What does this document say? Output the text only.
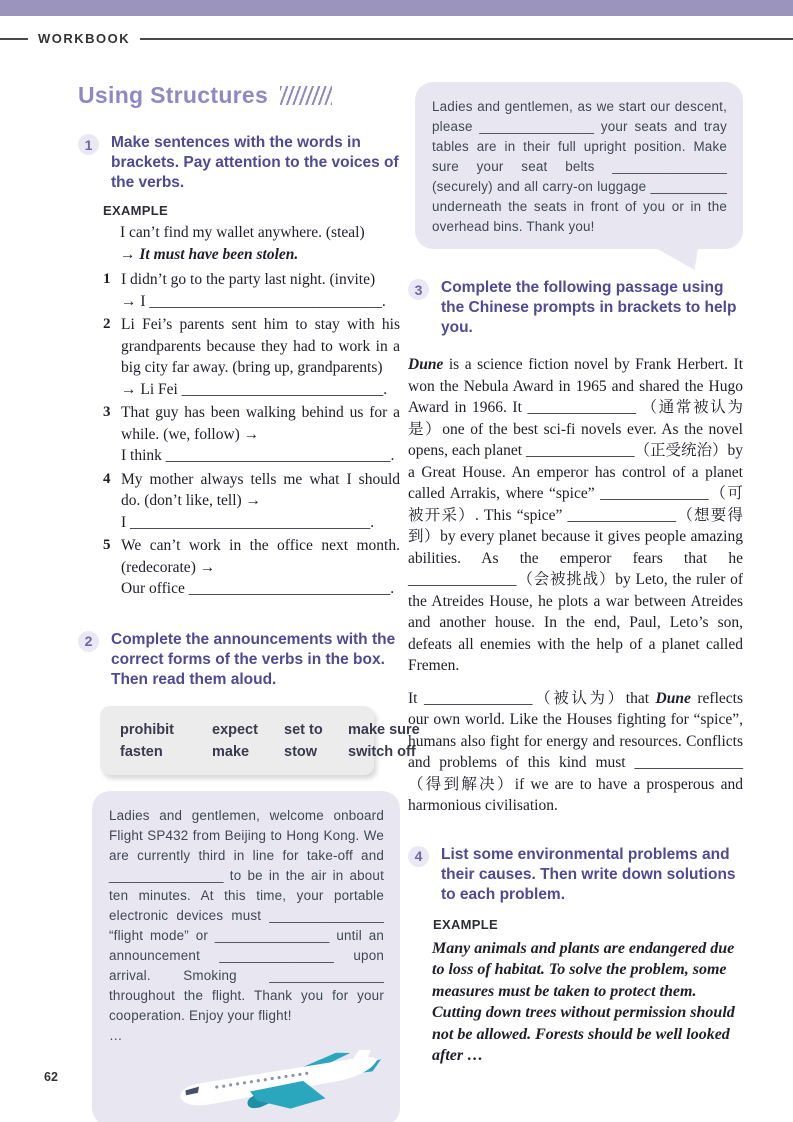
WORKBOOK
Using Structures
1	Make sentences with the words in brackets. Pay attention to the voices of the verbs.
EXAMPLE
I can’t find my wallet anywhere. (steal)
→ It must have been stolen.
1 I didn’t go to the party last night. (invite)
→ I ______________________________.
2 Li Fei’s parents sent him to stay with his grandparents because they had to work in a big city far away. (bring up, grandparents)
→ Li Fei __________________________.
3 That guy has been walking behind us for a while. (we, follow) →
I think _____________________________.
4 My mother always tells me what I should do. (don’t like, tell) →
I _______________________________.
5 We can’t work in the office next month. (redecorate) →
Our office __________________________.
2	Complete the announcements with the correct forms of the verbs in the box. Then read them aloud.
prohibit	expect	set to	make sure
fasten	make	stow	switch off
Ladies and gentlemen, welcome onboard Flight SP432 from Beijing to Hong Kong. We are currently third in line for take-off and _______________ to be in the air in about ten minutes. At this time, your portable electronic devices must _______________ “flight mode” or _______________ until an announcement _______________ upon arrival. Smoking _______________ throughout the flight. Thank you for your cooperation. Enjoy your flight!
…
Ladies and gentlemen, as we start our descent, please _______________ your seats and tray tables are in their full upright position. Make sure your seat belts _______________ (securely) and all carry-on luggage __________ underneath the seats in front of you or in the overhead bins. Thank you!
3	Complete the following passage using the Chinese prompts in brackets to help you.
Dune is a science fiction novel by Frank Herbert. It won the Nebula Award in 1965 and shared the Hugo Award in 1966. It ______________ （通常被认为是）one of the best sci-fi novels ever. As the novel opens, each planet ______________（正受统治）by a Great House. An emperor has control of a planet called Arrakis, where “spice” ______________（可被开采）. This “spice” ______________（想要得到）by every planet because it gives people amazing abilities. As the emperor fears that he ______________（会被挑战）by Leto, the ruler of the Atreides House, he plots a war between Atreides and another house. In the end, Paul, Leto’s son, defeats all enemies with the help of a planet called Fremen.
It ______________（被认为）that Dune reflects our own world. Like the Houses fighting for “spice”, humans also fight for energy and resources. Conflicts and problems of this kind must ______________（得到解决）if we are to have a prosperous and harmonious civilisation.
4	List some environmental problems and their causes. Then write down solutions to each problem.
EXAMPLE
Many animals and plants are endangered due to loss of habitat. To solve the problem, some measures must be taken to protect them. Cutting down trees without permission should not be allowed. Forests should be well looked after …
62
